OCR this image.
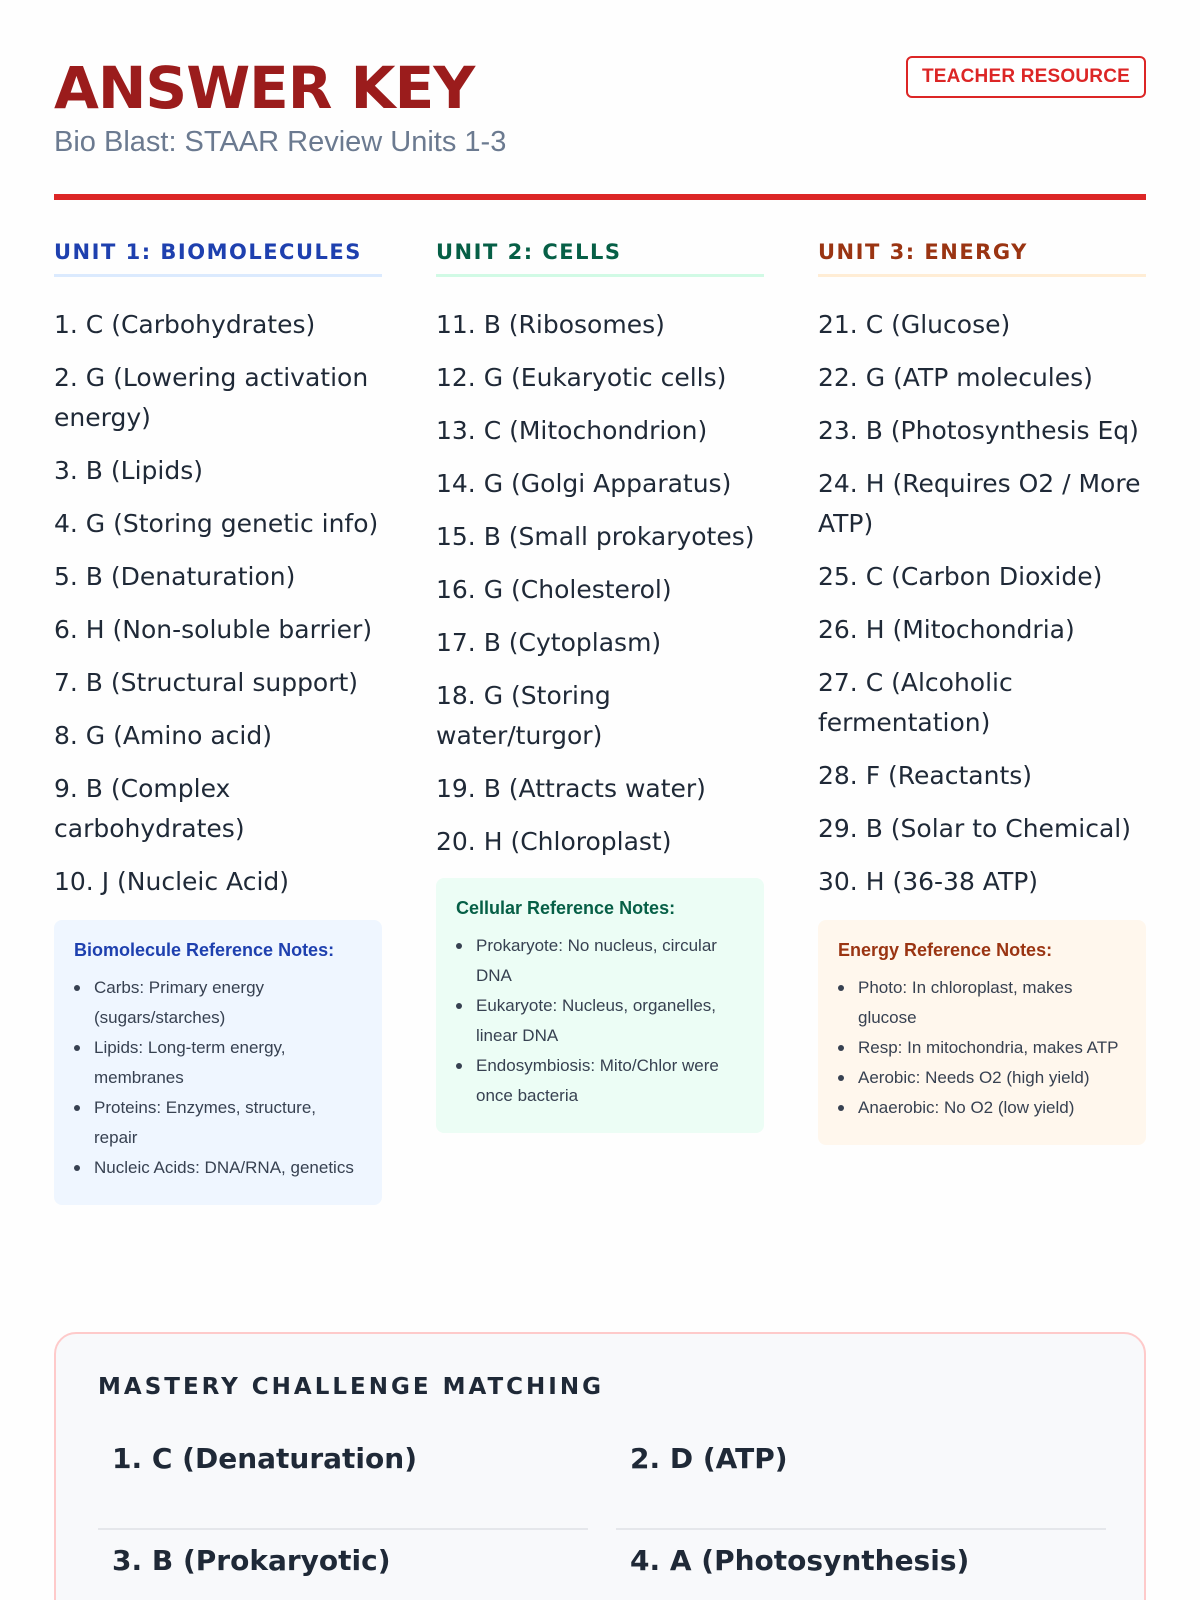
ANSWER KEY
Bio Blast: STAAR Review Units 1-3
TEACHER RESOURCE
UNIT 1: BIOMOLECULES
1. C (Carbohydrates)
2. G (Lowering activation energy)
3. B (Lipids)
4. G (Storing genetic info)
5. B (Denaturation)
6. H (Non-soluble barrier)
7. B (Structural support)
8. G (Amino acid)
9. B (Complex carbohydrates)
10. J (Nucleic Acid)
Biomolecule Reference Notes:
Carbs: Primary energy (sugars/starches)
Lipids: Long-term energy, membranes
Proteins: Enzymes, structure, repair
Nucleic Acids: DNA/RNA, genetics
UNIT 2: CELLS
11. B (Ribosomes)
12. G (Eukaryotic cells)
13. C (Mitochondrion)
14. G (Golgi Apparatus)
15. B (Small prokaryotes)
16. G (Cholesterol)
17. B (Cytoplasm)
18. G (Storing water/turgor)
19. B (Attracts water)
20. H (Chloroplast)
Cellular Reference Notes:
Prokaryote: No nucleus, circular DNA
Eukaryote: Nucleus, organelles, linear DNA
Endosymbiosis: Mito/Chlor were once bacteria
UNIT 3: ENERGY
21. C (Glucose)
22. G (ATP molecules)
23. B (Photosynthesis Eq)
24. H (Requires O2 / More ATP)
25. C (Carbon Dioxide)
26. H (Mitochondria)
27. C (Alcoholic fermentation)
28. F (Reactants)
29. B (Solar to Chemical)
30. H (36-38 ATP)
Energy Reference Notes:
Photo: In chloroplast, makes glucose
Resp: In mitochondria, makes ATP
Aerobic: Needs O2 (high yield)
Anaerobic: No O2 (low yield)
MASTERY CHALLENGE MATCHING
1. C (Denaturation)	2. D (ATP)
3. B (Prokaryotic)	4. A (Photosynthesis)
